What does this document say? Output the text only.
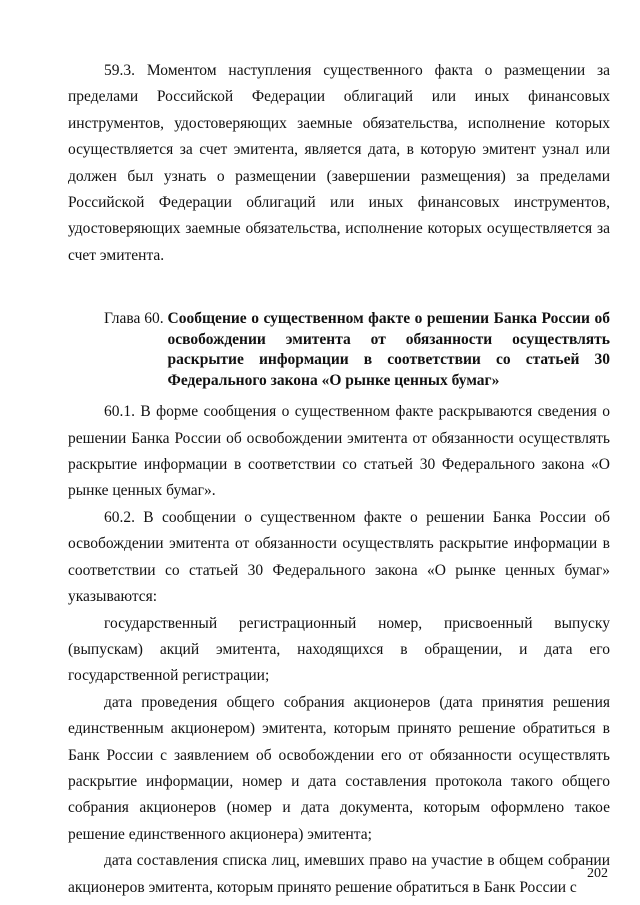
59.3. Моментом наступления существенного факта о размещении за пределами Российской Федерации облигаций или иных финансовых инструментов, удостоверяющих заемные обязательства, исполнение которых осуществляется за счет эмитента, является дата, в которую эмитент узнал или должен был узнать о размещении (завершении размещения) за пределами Российской Федерации облигаций или иных финансовых инструментов, удостоверяющих заемные обязательства, исполнение которых осуществляется за счет эмитента.

Глава 60. Сообщение о существенном факте о решении Банка России об освобождении эмитента от обязанности осуществлять раскрытие информации в соответствии со статьей 30 Федерального закона «О рынке ценных бумаг»

60.1. В форме сообщения о существенном факте раскрываются сведения о решении Банка России об освобождении эмитента от обязанности осуществлять раскрытие информации в соответствии со статьей 30 Федерального закона «О рынке ценных бумаг».

60.2. В сообщении о существенном факте о решении Банка России об освобождении эмитента от обязанности осуществлять раскрытие информации в соответствии со статьей 30 Федерального закона «О рынке ценных бумаг» указываются:

государственный регистрационный номер, присвоенный выпуску (выпускам) акций эмитента, находящихся в обращении, и дата его государственной регистрации;

дата проведения общего собрания акционеров (дата принятия решения единственным акционером) эмитента, которым принято решение обратиться в Банк России с заявлением об освобождении его от обязанности осуществлять раскрытие информации, номер и дата составления протокола такого общего собрания акционеров (номер и дата документа, которым оформлено такое решение единственного акционера) эмитента;

дата составления списка лиц, имевших право на участие в общем собрании акционеров эмитента, которым принято решение обратиться в Банк России с

202
